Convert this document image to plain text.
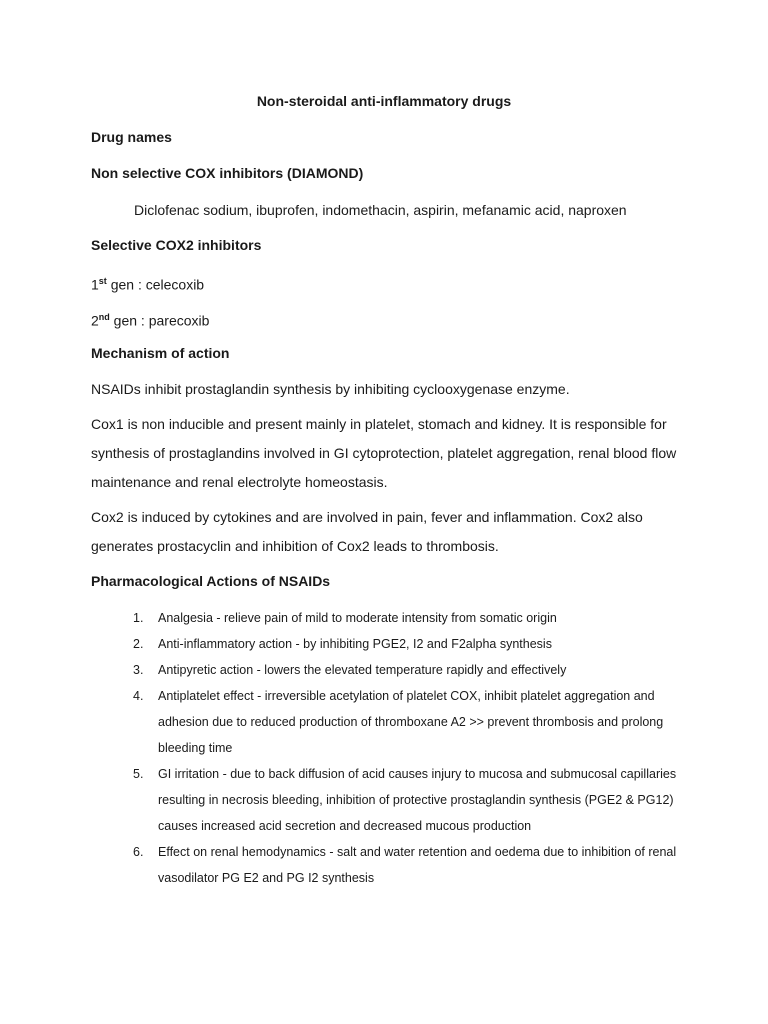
Non-steroidal anti-inflammatory drugs
Drug names
Non selective COX inhibitors (DIAMOND)
Diclofenac sodium, ibuprofen, indomethacin, aspirin, mefanamic acid, naproxen
Selective COX2 inhibitors
1st gen : celecoxib
2nd gen : parecoxib
Mechanism of action
NSAIDs inhibit prostaglandin synthesis by inhibiting cyclooxygenase enzyme.
Cox1 is non inducible and present mainly in platelet, stomach and kidney. It is responsible for synthesis of prostaglandins involved in GI cytoprotection, platelet aggregation, renal blood flow maintenance and renal electrolyte homeostasis.
Cox2 is induced by cytokines and are involved in pain, fever and inflammation. Cox2 also generates prostacyclin and inhibition of Cox2 leads to thrombosis.
Pharmacological Actions of NSAIDs
1. Analgesia - relieve pain of mild to moderate intensity from somatic origin
2. Anti-inflammatory action - by inhibiting PGE2, I2 and F2alpha synthesis
3. Antipyretic action - lowers the elevated temperature rapidly and effectively
4. Antiplatelet effect - irreversible acetylation of platelet COX, inhibit platelet aggregation and adhesion due to reduced production of thromboxane A2 >> prevent thrombosis and prolong bleeding time
5. GI irritation - due to back diffusion of acid causes injury to mucosa and submucosal capillaries resulting in necrosis bleeding, inhibition of protective prostaglandin synthesis (PGE2 & PG12) causes increased acid secretion and decreased mucous production
6. Effect on renal hemodynamics - salt and water retention and oedema due to inhibition of renal vasodilator PG E2 and PG I2 synthesis
